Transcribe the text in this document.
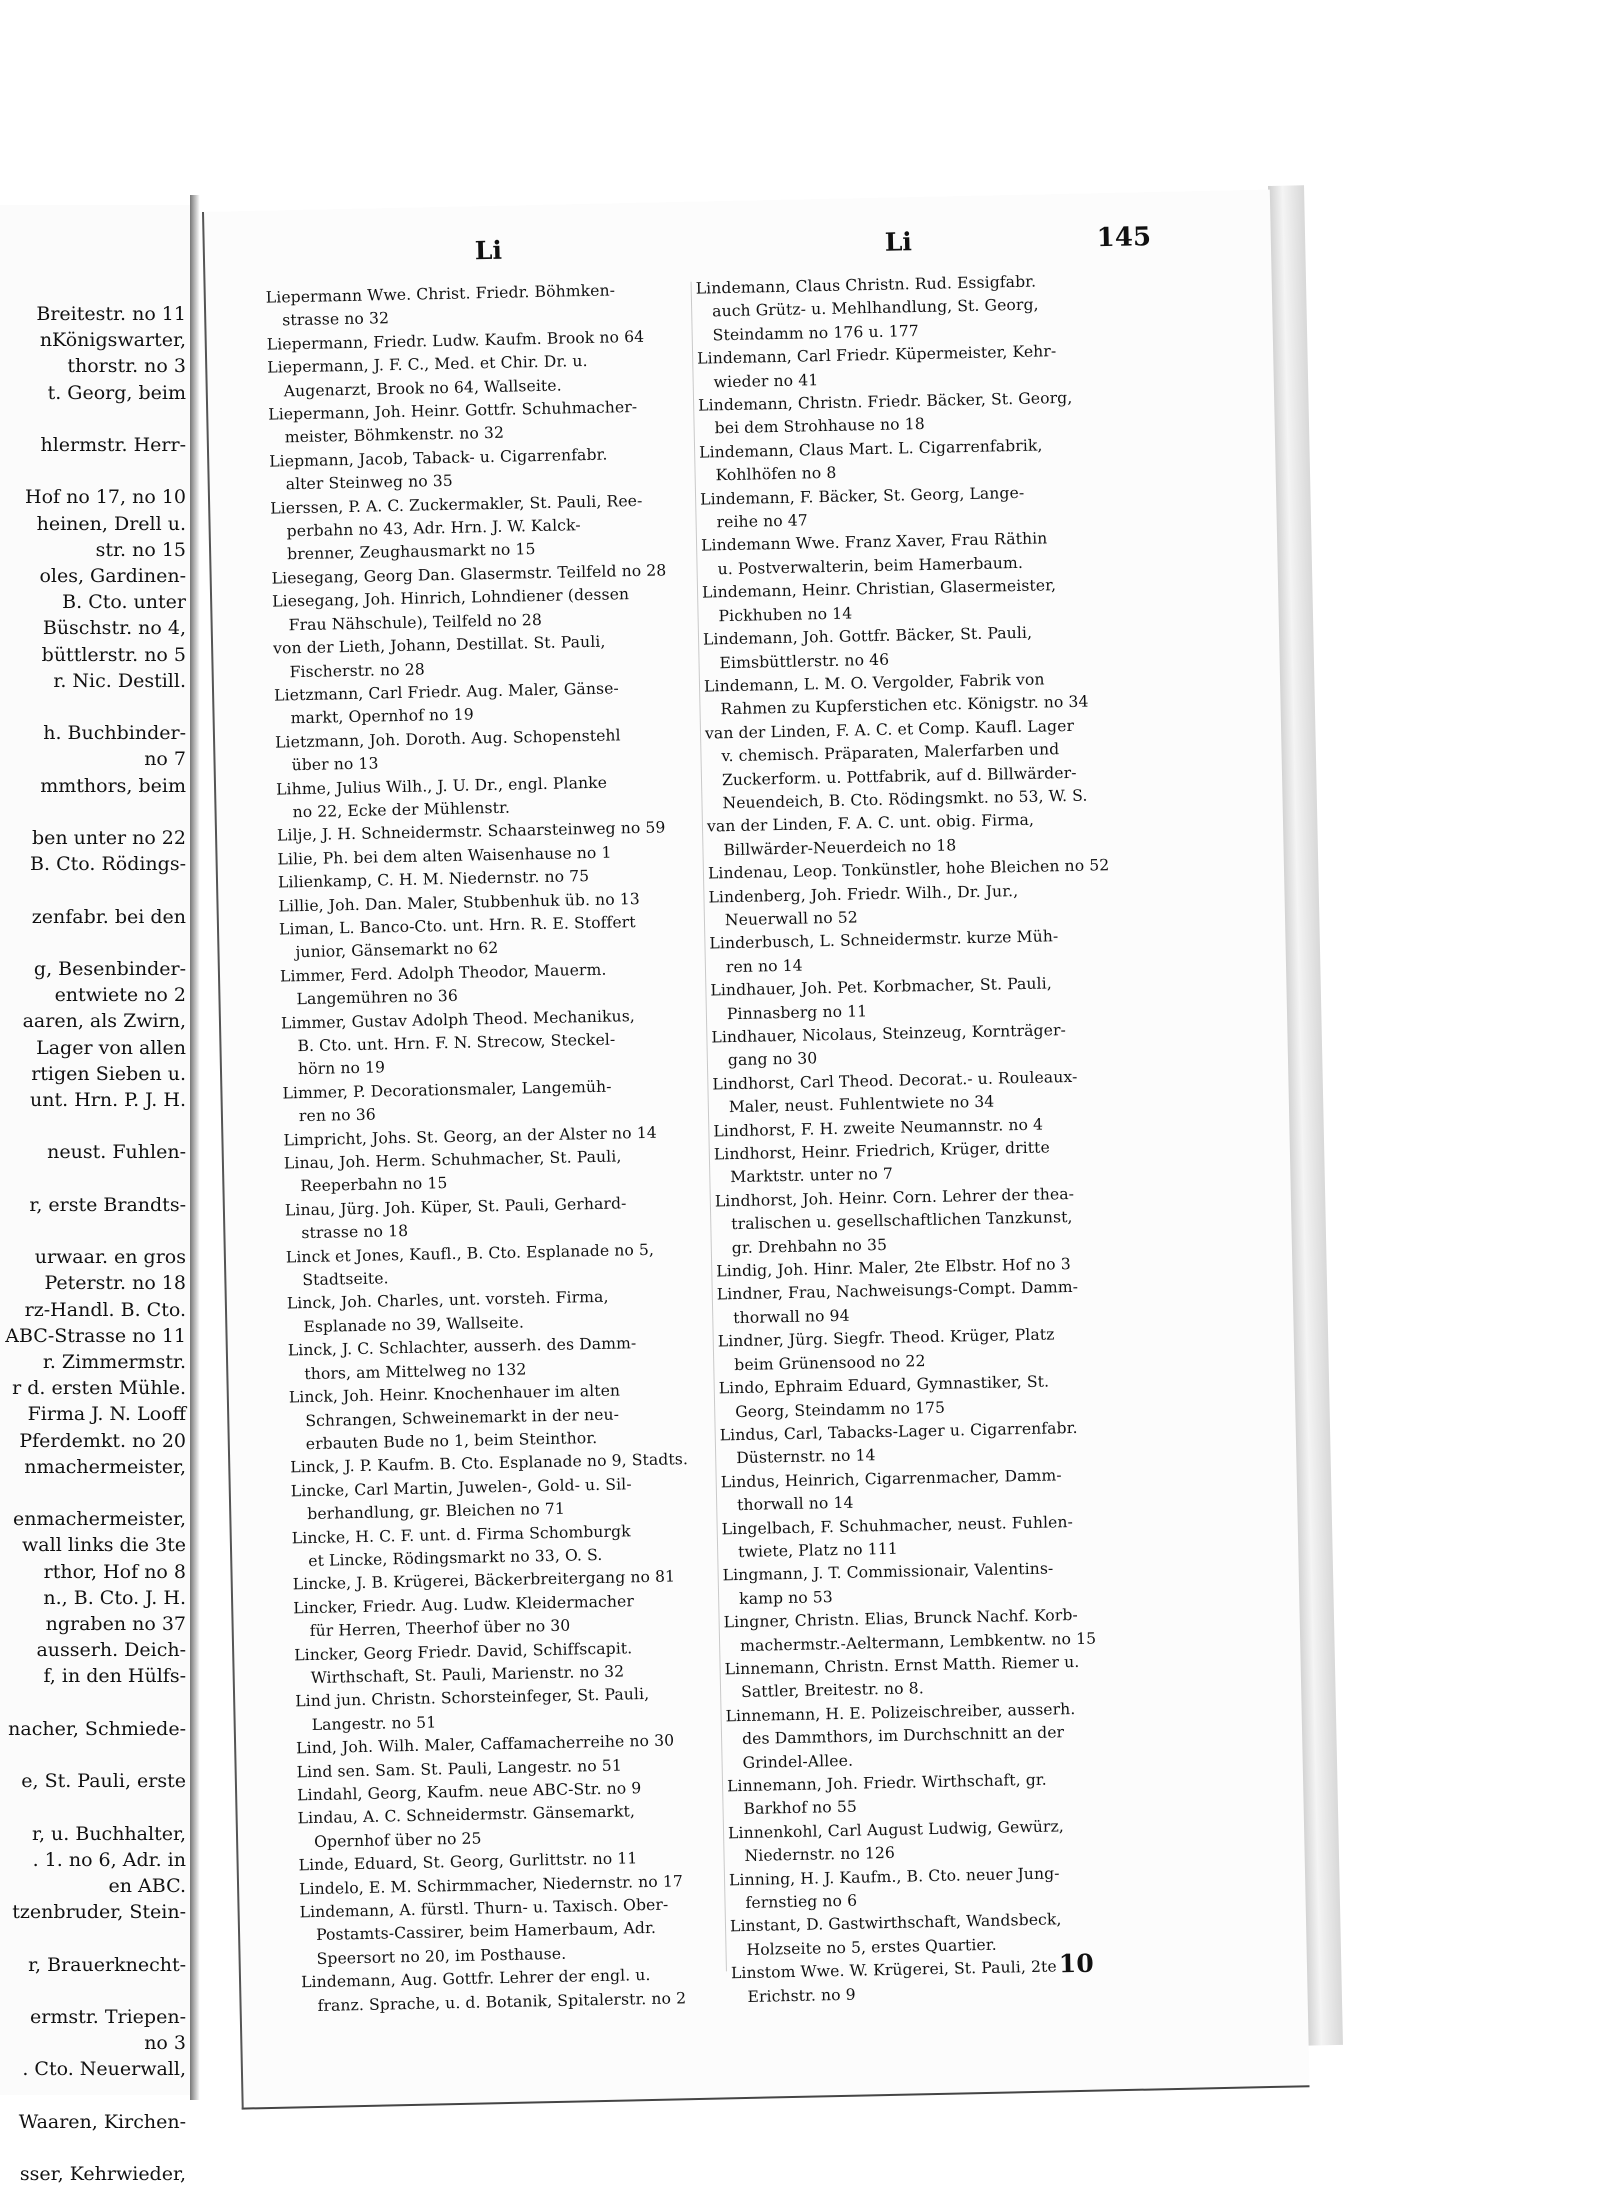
Breitestr. no 11
nKönigswarter,
thorstr. no 3
t. Georg, beim
hlermstr. Herr-
Hof no 17, no 10
heinen, Drell u.
str. no 15
oles, Gardinen-
B. Cto. unter
Büschstr. no 4,
büttlerstr. no 5
r. Nic. Destill.
h. Buchbinder-
no 7
mmthors, beim
ben unter no 22
B. Cto. Rödings-
zenfabr. bei den
g, Besenbinder-
entwiete no 2
aaren, als Zwirn,
Lager von allen
rtigen Sieben u.
unt. Hrn. P. J. H.
neust. Fuhlen-
r, erste Brandts-
urwaar. en gros
Peterstr. no 18
rz-Handl. B. Cto.
ABC-Strasse no 11
r. Zimmermstr.
r d. ersten Mühle.
Firma J. N. Looff
Pferdemkt. no 20
nmachermeister,
enmachermeister,
wall links die 3te
rthor, Hof no 8
n., B. Cto. J. H.
ngraben no 37
ausserh. Deich-
f, in den Hülfs-
nacher, Schmiede-
e, St. Pauli, erste
r, u. Buchhalter,
. 1. no 6, Adr. in
en ABC.
tzenbruder, Stein-
r, Brauerknecht-
ermstr. Triepen-
no 3
. Cto. Neuerwall,
Waaren, Kirchen-
sser, Kehrwieder,
Li	Li	145
Liepermann Wwe. Christ. Friedr. Böhmken-
strasse no 32
Liepermann, Friedr. Ludw. Kaufm. Brook no 64
Liepermann, J. F. C., Med. et Chir. Dr. u.
Augenarzt, Brook no 64, Wallseite.
Liepermann, Joh. Heinr. Gottfr. Schuhmacher-
meister, Böhmkenstr. no 32
Liepmann, Jacob, Taback- u. Cigarrenfabr.
alter Steinweg no 35
Lierssen, P. A. C. Zuckermakler, St. Pauli, Ree-
perbahn no 43, Adr. Hrn. J. W. Kalck-
brenner, Zeughausmarkt no 15
Liesegang, Georg Dan. Glasermstr. Teilfeld no 28
Liesegang, Joh. Hinrich, Lohndiener (dessen
Frau Nähschule), Teilfeld no 28
von der Lieth, Johann, Destillat. St. Pauli,
Fischerstr. no 28
Lietzmann, Carl Friedr. Aug. Maler, Gänse-
markt, Opernhof no 19
Lietzmann, Joh. Doroth. Aug. Schopenstehl
über no 13
Lihme, Julius Wilh., J. U. Dr., engl. Planke
no 22, Ecke der Mühlenstr.
Lilje, J. H. Schneidermstr. Schaarsteinweg no 59
Lilie, Ph. bei dem alten Waisenhause no 1
Lilienkamp, C. H. M. Niedernstr. no 75
Lillie, Joh. Dan. Maler, Stubbenhuk üb. no 13
Liman, L. Banco-Cto. unt. Hrn. R. E. Stoffert
junior, Gänsemarkt no 62
Limmer, Ferd. Adolph Theodor, Mauerm.
Langemühren no 36
Limmer, Gustav Adolph Theod. Mechanikus,
B. Cto. unt. Hrn. F. N. Strecow, Steckel-
hörn no 19
Limmer, P. Decorationsmaler, Langemüh-
ren no 36
Limpricht, Johs. St. Georg, an der Alster no 14
Linau, Joh. Herm. Schuhmacher, St. Pauli,
Reeperbahn no 15
Linau, Jürg. Joh. Küper, St. Pauli, Gerhard-
strasse no 18
Linck et Jones, Kaufl., B. Cto. Esplanade no 5,
Stadtseite.
Linck, Joh. Charles, unt. vorsteh. Firma,
Esplanade no 39, Wallseite.
Linck, J. C. Schlachter, ausserh. des Damm-
thors, am Mittelweg no 132
Linck, Joh. Heinr. Knochenhauer im alten
Schrangen, Schweinemarkt in der neu-
erbauten Bude no 1, beim Steinthor.
Linck, J. P. Kaufm. B. Cto. Esplanade no 9, Stadts.
Lincke, Carl Martin, Juwelen-, Gold- u. Sil-
berhandlung, gr. Bleichen no 71
Lincke, H. C. F. unt. d. Firma Schomburgk
et Lincke, Rödingsmarkt no 33, O. S.
Lincke, J. B. Krügerei, Bäckerbreitergang no 81
Lincker, Friedr. Aug. Ludw. Kleidermacher
für Herren, Theerhof über no 30
Lincker, Georg Friedr. David, Schiffscapit.
Wirthschaft, St. Pauli, Marienstr. no 32
Lind jun. Christn. Schorsteinfeger, St. Pauli,
Langestr. no 51
Lind, Joh. Wilh. Maler, Caffamacherreihe no 30
Lind sen. Sam. St. Pauli, Langestr. no 51
Lindahl, Georg, Kaufm. neue ABC-Str. no 9
Lindau, A. C. Schneidermstr. Gänsemarkt,
Opernhof über no 25
Linde, Eduard, St. Georg, Gurlittstr. no 11
Lindelo, E. M. Schirmmacher, Niedernstr. no 17
Lindemann, A. fürstl. Thurn- u. Taxisch. Ober-
Postamts-Cassirer, beim Hamerbaum, Adr.
Speersort no 20, im Posthause.
Lindemann, Aug. Gottfr. Lehrer der engl. u.
franz. Sprache, u. d. Botanik, Spitalerstr. no 2
Lindemann, Claus Christn. Rud. Essigfabr.
auch Grütz- u. Mehlhandlung, St. Georg,
Steindamm no 176 u. 177
Lindemann, Carl Friedr. Küpermeister, Kehr-
wieder no 41
Lindemann, Christn. Friedr. Bäcker, St. Georg,
bei dem Strohhause no 18
Lindemann, Claus Mart. L. Cigarrenfabrik,
Kohlhöfen no 8
Lindemann, F. Bäcker, St. Georg, Lange-
reihe no 47
Lindemann Wwe. Franz Xaver, Frau Räthin
u. Postverwalterin, beim Hamerbaum.
Lindemann, Heinr. Christian, Glasermeister,
Pickhuben no 14
Lindemann, Joh. Gottfr. Bäcker, St. Pauli,
Eimsbüttlerstr. no 46
Lindemann, L. M. O. Vergolder, Fabrik von
Rahmen zu Kupferstichen etc. Königstr. no 34
van der Linden, F. A. C. et Comp. Kaufl. Lager
v. chemisch. Präparaten, Malerfarben und
Zuckerform. u. Pottfabrik, auf d. Billwärder-
Neuendeich, B. Cto. Rödingsmkt. no 53, W. S.
van der Linden, F. A. C. unt. obig. Firma,
Billwärder-Neuerdeich no 18
Lindenau, Leop. Tonkünstler, hohe Bleichen no 52
Lindenberg, Joh. Friedr. Wilh., Dr. Jur.,
Neuerwall no 52
Linderbusch, L. Schneidermstr. kurze Müh-
ren no 14
Lindhauer, Joh. Pet. Korbmacher, St. Pauli,
Pinnasberg no 11
Lindhauer, Nicolaus, Steinzeug, Kornträger-
gang no 30
Lindhorst, Carl Theod. Decorat.- u. Rouleaux-
Maler, neust. Fuhlentwiete no 34
Lindhorst, F. H. zweite Neumannstr. no 4
Lindhorst, Heinr. Friedrich, Krüger, dritte
Marktstr. unter no 7
Lindhorst, Joh. Heinr. Corn. Lehrer der thea-
tralischen u. gesellschaftlichen Tanzkunst,
gr. Drehbahn no 35
Lindig, Joh. Hinr. Maler, 2te Elbstr. Hof no 3
Lindner, Frau, Nachweisungs-Compt. Damm-
thorwall no 94
Lindner, Jürg. Siegfr. Theod. Krüger, Platz
beim Grünensood no 22
Lindo, Ephraim Eduard, Gymnastiker, St.
Georg, Steindamm no 175
Lindus, Carl, Tabacks-Lager u. Cigarrenfabr.
Düsternstr. no 14
Lindus, Heinrich, Cigarrenmacher, Damm-
thorwall no 14
Lingelbach, F. Schuhmacher, neust. Fuhlen-
twiete, Platz no 111
Lingmann, J. T. Commissionair, Valentins-
kamp no 53
Lingner, Christn. Elias, Brunck Nachf. Korb-
machermstr.-Aeltermann, Lembkentw. no 15
Linnemann, Christn. Ernst Matth. Riemer u.
Sattler, Breitestr. no 8.
Linnemann, H. E. Polizeischreiber, ausserh.
des Dammthors, im Durchschnitt an der
Grindel-Allee.
Linnemann, Joh. Friedr. Wirthschaft, gr.
Barkhof no 55
Linnenkohl, Carl August Ludwig, Gewürz,
Niedernstr. no 126
Linning, H. J. Kaufm., B. Cto. neuer Jung-
fernstieg no 6
Linstant, D. Gastwirthschaft, Wandsbeck,
Holzseite no 5, erstes Quartier.
Linstom Wwe. W. Krügerei, St. Pauli, 2te
Erichstr. no 9
10
